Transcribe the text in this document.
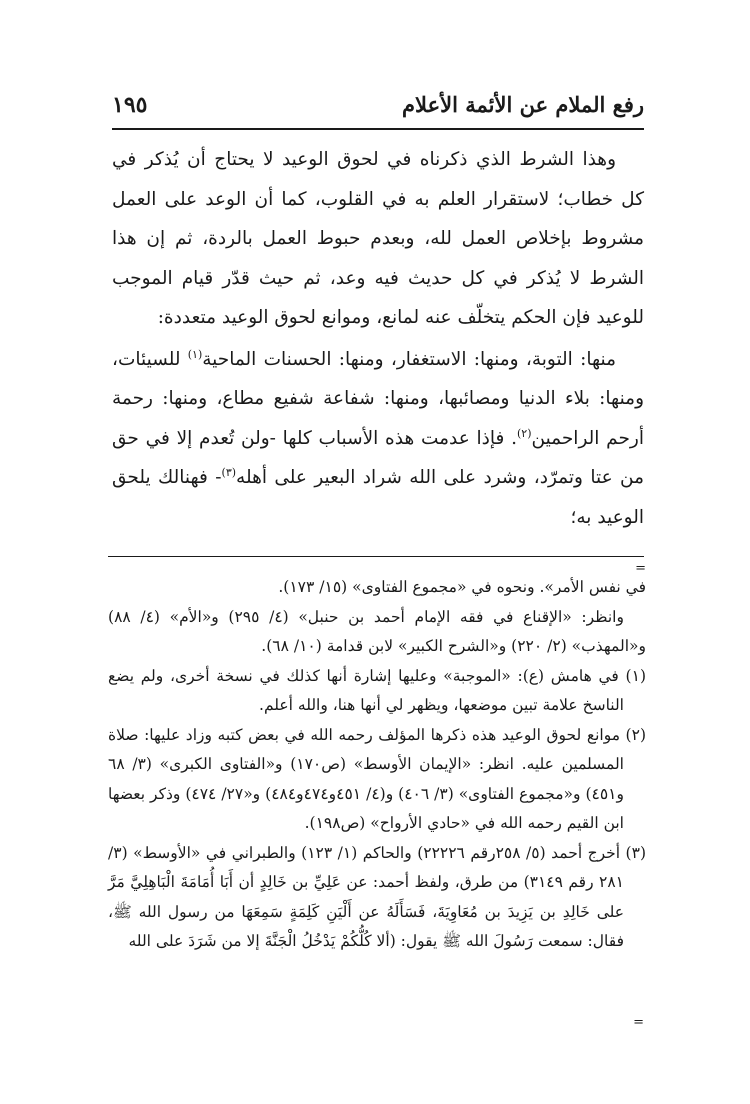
رفع الملام عن الأئمة الأعلام
١٩٥

وهذا الشرط الذي ذكرناه في لحوق الوعيد لا يحتاج أن يُذكر في كل خطاب؛ لاستقرار العلم به في القلوب، كما أن الوعد على العمل مشروط بإخلاص العمل لله، وبعدم حبوط العمل بالردة، ثم إن هذا الشرط لا يُذكر في كل حديث فيه وعد، ثم حيث قدّر قيام الموجب للوعيد فإن الحكم يتخلّف عنه لمانع، وموانع لحوق الوعيد متعددة:

منها: التوبة، ومنها: الاستغفار، ومنها: الحسنات الماحية$^{(١)}$ للسيئات، ومنها: بلاء الدنيا ومصائبها، ومنها: شفاعة شفيع مطاع، ومنها: رحمة أرحم الراحمين$^{(٢)}$. فإذا عدمت هذه الأسباب كلها -ولن تُعدم إلا في حق من عتا وتمرّد، وشرد على الله شراد البعير على أهله$^{(٣)}$- فهنالك يلحق الوعيد به؛

=

في نفس الأمر». ونحوه في «مجموع الفتاوى» (١٥/ ١٧٣).

وانظر: «الإقناع في فقه الإمام أحمد بن حنبل» (٤/ ٢٩٥) و«الأم» (٤/ ٨٨) و«المهذب» (٢/ ٢٢٠) و«الشرح الكبير» لابن قدامة (١٠/ ٦٨).

(١) في هامش (ع): «الموجبة» وعليها إشارة أنها كذلك في نسخة أخرى، ولم يضع الناسخ علامة تبين موضعها، ويظهر لي أنها هنا، والله أعلم.

(٢) موانع لحوق الوعيد هذه ذكرها المؤلف رحمه الله في بعض كتبه وزاد عليها: صلاة المسلمين عليه. انظر: «الإيمان الأوسط» (ص١٧٠) و«الفتاوى الكبرى» (٣/ ٦٨ و٤٥١) و«مجموع الفتاوى» (٣/ ٤٠٦) و(٤/ ٤٥١و٤٧٤و٤٨٤) و«٢٧/ ٤٧٤) وذكر بعضها ابن القيم رحمه الله في «حادي الأرواح» (ص١٩٨).

(٣) أخرج أحمد (٥/ ٢٥٨رقم ٢٢٢٢٦) والحاكم (١/ ١٢٣) والطبراني في «الأوسط» (٣/ ٢٨١ رقم ٣١٤٩) من طرق، ولفظ أحمد: عن عَلِيِّ بن خَالِدٍ أن أَبَا أُمَامَةَ الْبَاهِلِيَّ مَرَّ على خَالِدِ بن يَزِيدَ بن مُعَاوِيَةَ، فَسَأَلَهُ عن أَلْيَنِ كَلِمَةٍ سَمِعَهَا من رسول الله ﷺ، فقال: سمعت رَسُولَ الله ﷺ يقول: (ألا كُلُّكُمْ يَدْخُلُ الْجَنَّةَ إلا من شَرَدَ على الله

=
